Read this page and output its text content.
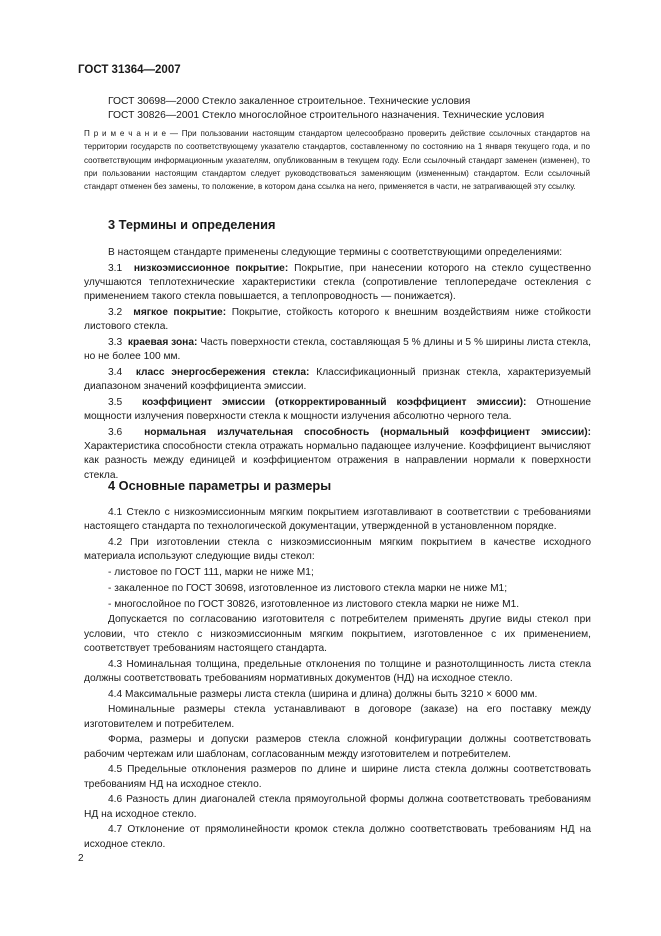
ГОСТ 31364—2007
ГОСТ 30698—2000 Стекло закаленное строительное. Технические условия
ГОСТ 30826—2001 Стекло многослойное строительного назначения. Технические условия
П р и м е ч а н и е — При пользовании настоящим стандартом целесообразно проверить действие ссылочных стандартов на территории государств по соответствующему указателю стандартов, составленному по состоянию на 1 января текущего года, и по соответствующим информационным указателям, опубликованным в текущем году. Если ссылочный стандарт заменен (изменен), то при пользовании настоящим стандартом следует руководствоваться заменяющим (измененным) стандартом. Если ссылочный стандарт отменен без замены, то положение, в котором дана ссылка на него, применяется в части, не затрагивающей эту ссылку.
3 Термины и определения

В настоящем стандарте применены следующие термины с соответствующими определениями:

3.1 низкоэмиссионное покрытие: Покрытие, при нанесении которого на стекло существенно улучшаются теплотехнические характеристики стекла (сопротивление теплопередаче остекления с применением такого стекла повышается, а теплопроводность — понижается).

3.2 мягкое покрытие: Покрытие, стойкость которого к внешним воздействиям ниже стойкости листового стекла.

3.3 краевая зона: Часть поверхности стекла, составляющая 5 % длины и 5 % ширины листа стекла, но не более 100 мм.

3.4 класс энергосбережения стекла: Классификационный признак стекла, характеризуемый диапазоном значений коэффициента эмиссии.

3.5 коэффициент эмиссии (откорректированный коэффициент эмиссии): Отношение мощности излучения поверхности стекла к мощности излучения абсолютно черного тела.

3.6 нормальная излучательная способность (нормальный коэффициент эмиссии): Характеристика способности стекла отражать нормально падающее излучение. Коэффициент вычисляют как разность между единицей и коэффициентом отражения в направлении нормали к поверхности стекла.

4 Основные параметры и размеры

4.1 Стекло с низкоэмиссионным мягким покрытием изготавливают в соответствии с требованиями настоящего стандарта по технологической документации, утвержденной в установленном порядке.

4.2 При изготовлении стекла с низкоэмиссионным мягким покрытием в качестве исходного материала используют следующие виды стекол:

- листовое по ГОСТ 111, марки не ниже М1;

- закаленное по ГОСТ 30698, изготовленное из листового стекла марки не ниже М1;

- многослойное по ГОСТ 30826, изготовленное из листового стекла марки не ниже М1.

Допускается по согласованию изготовителя с потребителем применять другие виды стекол при условии, что стекло с низкоэмиссионным мягким покрытием, изготовленное с их применением, соответствует требованиям настоящего стандарта.

4.3 Номинальная толщина, предельные отклонения по толщине и разнотолщинность листа стекла должны соответствовать требованиям нормативных документов (НД) на исходное стекло.

4.4 Максимальные размеры листа стекла (ширина и длина) должны быть 3210 × 6000 мм.

Номинальные размеры стекла устанавливают в договоре (заказе) на его поставку между изготовителем и потребителем.

Форма, размеры и допуски размеров стекла сложной конфигурации должны соответствовать рабочим чертежам или шаблонам, согласованным между изготовителем и потребителем.

4.5 Предельные отклонения размеров по длине и ширине листа стекла должны соответствовать требованиям НД на исходное стекло.

4.6 Разность длин диагоналей стекла прямоугольной формы должна соответствовать требованиям НД на исходное стекло.

4.7 Отклонение от прямолинейности кромок стекла должно соответствовать требованиям НД на исходное стекло.

2
